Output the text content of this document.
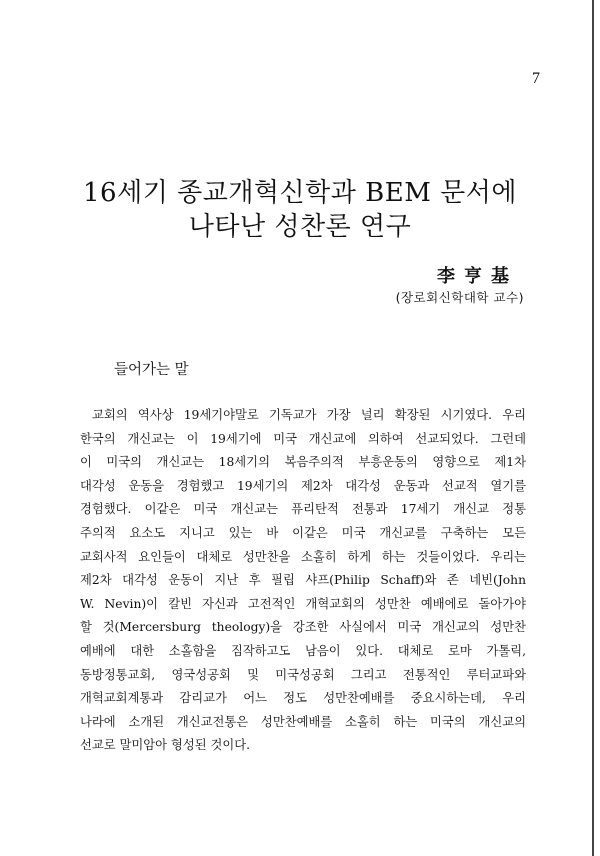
7
16세기 종교개혁신학과 BEM 문서에
나타난 성찬론 연구
李亨基
(장로회신학대학 교수)
들어가는 말
교회의 역사상 19세기야말로 기독교가 가장 널리 확장된 시기였다. 우리
한국의 개신교는 이 19세기에 미국 개신교에 의하여 선교되었다. 그런데
이 미국의 개신교는 18세기의 복음주의적 부흥운동의 영향으로 제1차
대각성 운동을 경험했고 19세기의 제2차 대각성 운동과 선교적 열기를
경험했다. 이같은 미국 개신교는 퓨리탄적 전통과 17세기 개신교 정통
주의적 요소도 지니고 있는 바 이같은 미국 개신교를 구축하는 모든
교회사적 요인들이 대체로 성만찬을 소홀히 하게 하는 것들이었다. 우리는
제2차 대각성 운동이 지난 후 필립 샤프(Philip Schaff)와 존 네빈(John
W. Nevin)이 칼빈 자신과 고전적인 개혁교회의 성만찬 예배에로 돌아가야
할 것(Mercersburg theology)을 강조한 사실에서 미국 개신교의 성만찬
예배에 대한 소홀함을 짐작하고도 남음이 있다. 대체로 로마 가톨릭,
동방정통교회, 영국성공회 및 미국성공회 그리고 전통적인 루터교파와
개혁교회계통과 감리교가 어느 정도 성만찬예배를 중요시하는데, 우리
나라에 소개된 개신교전통은 성만찬예배를 소홀히 하는 미국의 개신교의
선교로 말미암아 형성된 것이다.
